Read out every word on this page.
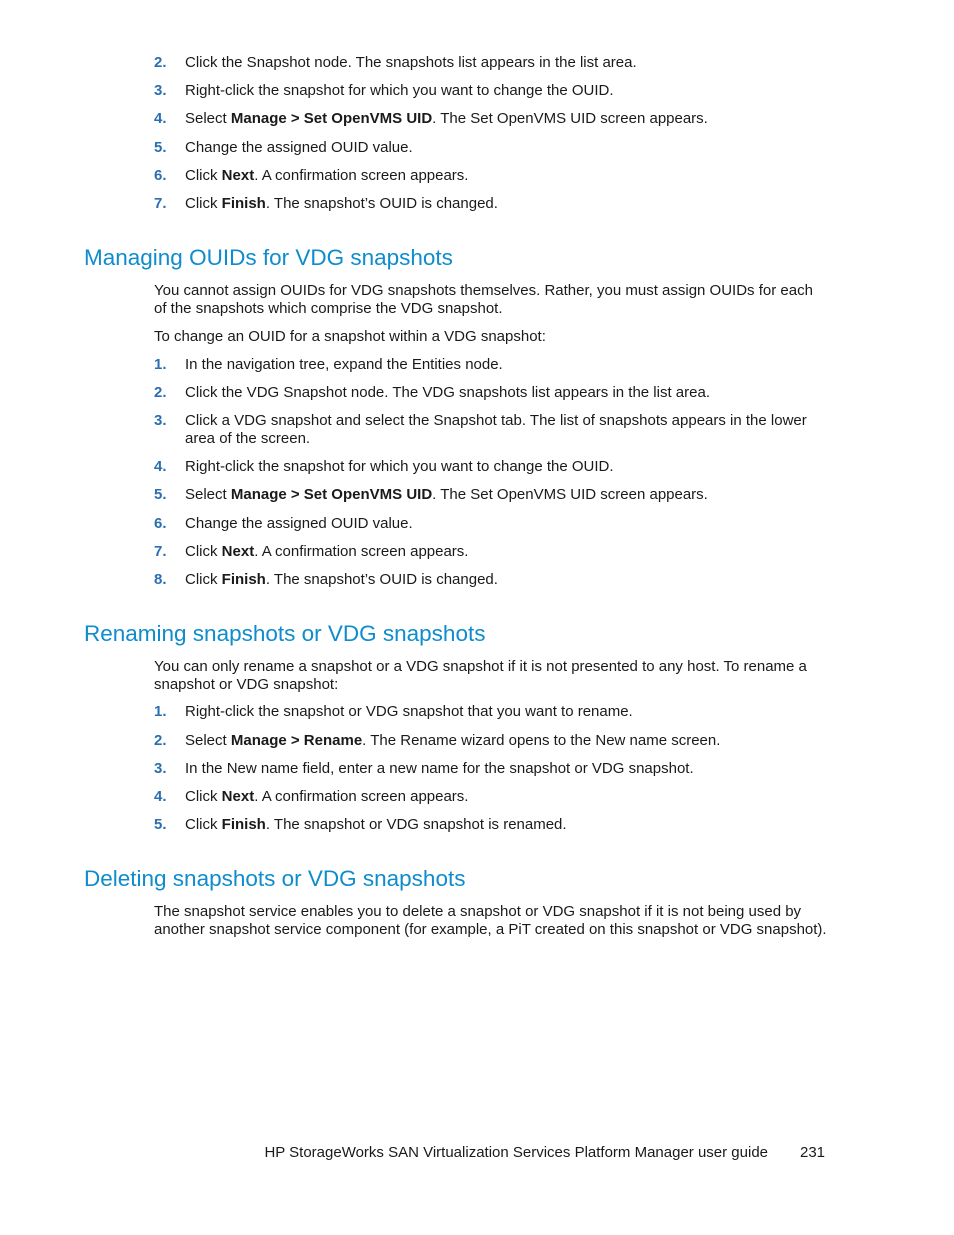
2. Click the Snapshot node. The snapshots list appears in the list area.
3. Right-click the snapshot for which you want to change the OUID.
4. Select Manage > Set OpenVMS UID. The Set OpenVMS UID screen appears.
5. Change the assigned OUID value.
6. Click Next. A confirmation screen appears.
7. Click Finish. The snapshot’s OUID is changed.
Managing OUIDs for VDG snapshots

You cannot assign OUIDs for VDG snapshots themselves. Rather, you must assign OUIDs for each of the snapshots which comprise the VDG snapshot.

To change an OUID for a snapshot within a VDG snapshot:

1. In the navigation tree, expand the Entities node.
2. Click the VDG Snapshot node. The VDG snapshots list appears in the list area.
3. Click a VDG snapshot and select the Snapshot tab. The list of snapshots appears in the lower area of the screen.
4. Right-click the snapshot for which you want to change the OUID.
5. Select Manage > Set OpenVMS UID. The Set OpenVMS UID screen appears.
6. Change the assigned OUID value.
7. Click Next. A confirmation screen appears.
8. Click Finish. The snapshot’s OUID is changed.
Renaming snapshots or VDG snapshots

You can only rename a snapshot or a VDG snapshot if it is not presented to any host. To rename a snapshot or VDG snapshot:

1. Right-click the snapshot or VDG snapshot that you want to rename.
2. Select Manage > Rename. The Rename wizard opens to the New name screen.
3. In the New name field, enter a new name for the snapshot or VDG snapshot.
4. Click Next. A confirmation screen appears.
5. Click Finish. The snapshot or VDG snapshot is renamed.
Deleting snapshots or VDG snapshots

The snapshot service enables you to delete a snapshot or VDG snapshot if it is not being used by another snapshot service component (for example, a PiT created on this snapshot or VDG snapshot).

HP StorageWorks SAN Virtualization Services Platform Manager user guide 231
